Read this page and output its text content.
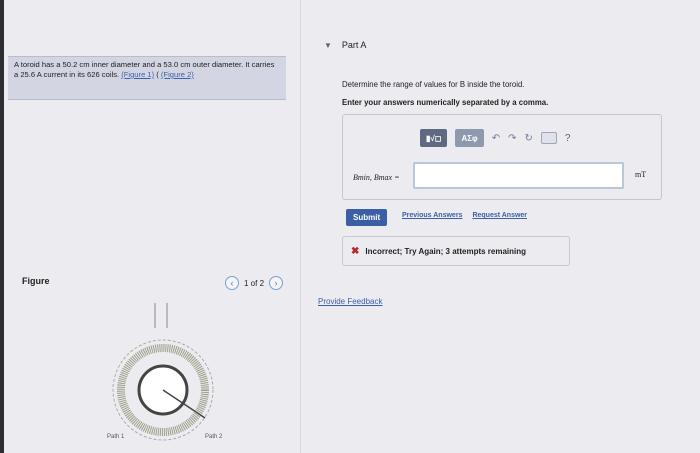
A toroid has a 50.2 cm inner diameter and a 53.0 cm outer diameter. It carries a 25.6 A current in its 626 coils. (Figure 1) ( (Figure 2)
Figure	‹	1 of 2	›
Path 1	Path 2
▼ Part A
Determine the range of values for B inside the toroid.
Enter your answers numerically separated by a comma.
▮√◻	ΑΣφ	↶ ↷ ↻	?
Bmin, Bmax =	mT
Submit	Previous Answers Request Answer
✖ Incorrect; Try Again; 3 attempts remaining
Provide Feedback
